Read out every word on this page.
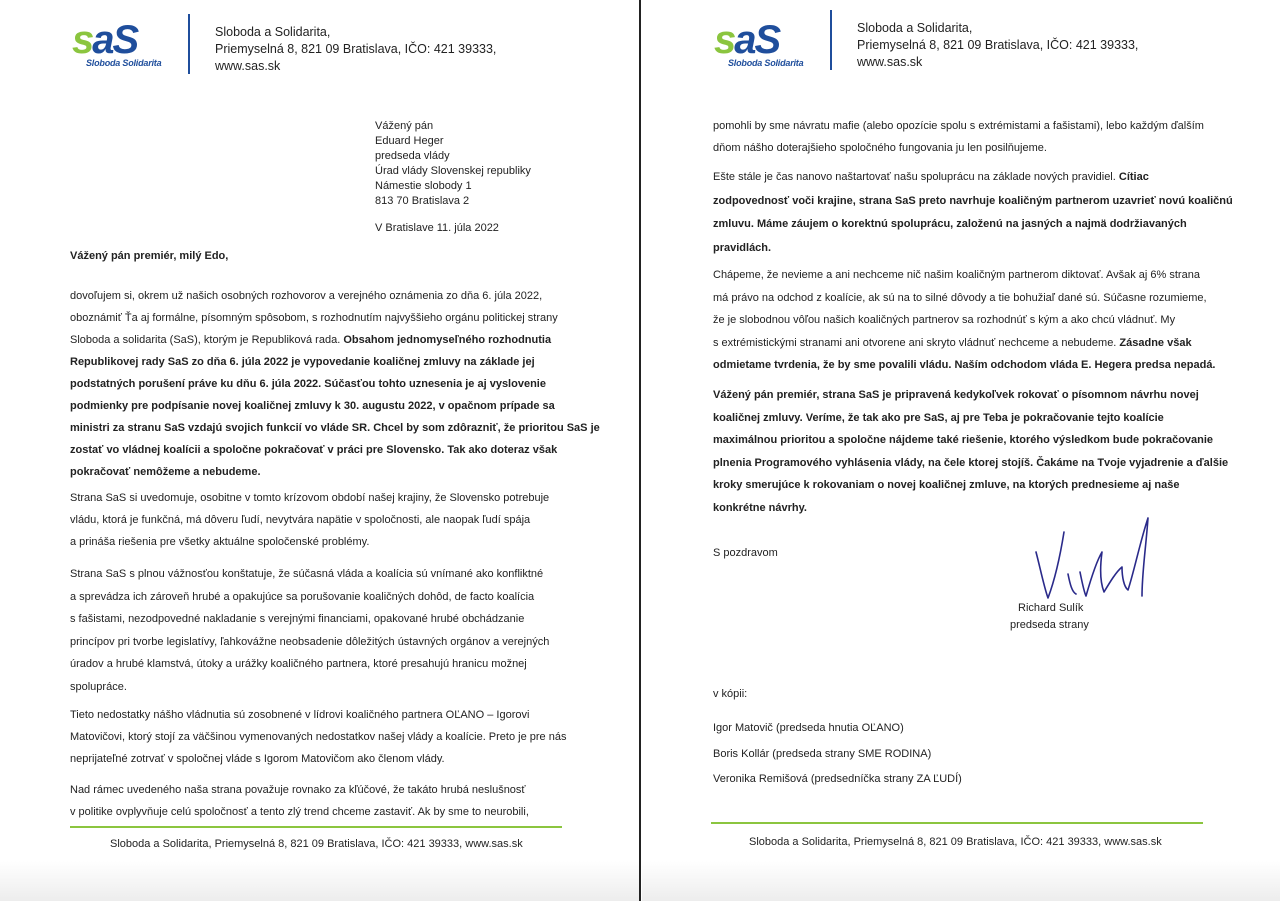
saS
Sloboda Solidarita
Sloboda a Solidarita,
Priemyselná 8, 821 09 Bratislava, IČO: 421 39333,
www.sas.sk
Vážený pán
Eduard Heger
predseda vlády
Úrad vlády Slovenskej republiky
Námestie slobody 1
813 70 Bratislava 2
V Bratislave 11. júla 2022
Vážený pán premiér, milý Edo,
dovoľujem si, okrem už našich osobných rozhovorov a verejného oznámenia zo dňa 6. júla 2022,
oboznámiť Ťa aj formálne, písomným spôsobom, s rozhodnutím najvyššieho orgánu politickej strany
Sloboda a solidarita (SaS), ktorým je Republiková rada. Obsahom jednomyseľného rozhodnutia
Republikovej rady SaS zo dňa 6. júla 2022 je vypovedanie koaličnej zmluvy na základe jej
podstatných porušení práve ku dňu 6. júla 2022. Súčasťou tohto uznesenia je aj vyslovenie
podmienky pre podpísanie novej koaličnej zmluvy k 30. augustu 2022, v opačnom prípade sa
ministri za stranu SaS vzdajú svojich funkcií vo vláde SR. Chcel by som zdôrazniť, že prioritou SaS je
zostať vo vládnej koalícii a spoločne pokračovať v práci pre Slovensko. Tak ako doteraz však
pokračovať nemôžeme a nebudeme.
Strana SaS si uvedomuje, osobitne v tomto krízovom období našej krajiny, že Slovensko potrebuje
vládu, ktorá je funkčná, má dôveru ľudí, nevytvára napätie v spoločnosti, ale naopak ľudí spája
a prináša riešenia pre všetky aktuálne spoločenské problémy.
Strana SaS s plnou vážnosťou konštatuje, že súčasná vláda a koalícia sú vnímané ako konfliktné
a sprevádza ich zároveň hrubé a opakujúce sa porušovanie koaličných dohôd, de facto koalícia
s fašistami, nezodpovedné nakladanie s verejnými financiami, opakované hrubé obchádzanie
princípov pri tvorbe legislatívy, ľahkovážne neobsadenie dôležitých ústavných orgánov a verejných
úradov a hrubé klamstvá, útoky a urážky koaličného partnera, ktoré presahujú hranicu možnej
spolupráce.
Tieto nedostatky nášho vládnutia sú zosobnené v lídrovi koaličného partnera OĽANO – Igorovi
Matovičovi, ktorý stojí za väčšinou vymenovaných nedostatkov našej vlády a koalície. Preto je pre nás
neprijateľné zotrvať v spoločnej vláde s Igorom Matovičom ako členom vlády.
Nad rámec uvedeného naša strana považuje rovnako za kľúčové, že takáto hrubá neslušnosť
v politike ovplyvňuje celú spoločnosť a tento zlý trend chceme zastaviť. Ak by sme to neurobili,
Sloboda a Solidarita, Priemyselná 8, 821 09 Bratislava, IČO: 421 39333, www.sas.sk
saS
Sloboda Solidarita
Sloboda a Solidarita,
Priemyselná 8, 821 09 Bratislava, IČO: 421 39333,
www.sas.sk
pomohli by sme návratu mafie (alebo opozície spolu s extrémistami a fašistami), lebo každým ďalším
dňom nášho doterajšieho spoločného fungovania ju len posilňujeme.
Ešte stále je čas nanovo naštartovať našu spoluprácu na základe nových pravidiel. Cítiac
zodpovednosť voči krajine, strana SaS preto navrhuje koaličným partnerom uzavrieť novú koaličnú
zmluvu. Máme záujem o korektnú spoluprácu, založenú na jasných a najmä dodržiavaných
pravidlách.
Chápeme, že nevieme a ani nechceme nič našim koaličným partnerom diktovať. Avšak aj 6% strana
má právo na odchod z koalície, ak sú na to silné dôvody a tie bohužiaľ dané sú. Súčasne rozumieme,
že je slobodnou vôľou našich koaličných partnerov sa rozhodnúť s kým a ako chcú vládnuť. My
s extrémistickými stranami ani otvorene ani skryto vládnuť nechceme a nebudeme. Zásadne však
odmietame tvrdenia, že by sme povalili vládu. Naším odchodom vláda E. Hegera predsa nepadá.
Vážený pán premiér, strana SaS je pripravená kedykoľvek rokovať o písomnom návrhu novej
koaličnej zmluvy. Veríme, že tak ako pre SaS, aj pre Teba je pokračovanie tejto koalície
maximálnou prioritou a spoločne nájdeme také riešenie, ktorého výsledkom bude pokračovanie
plnenia Programového vyhlásenia vlády, na čele ktorej stojíš. Čakáme na Tvoje vyjadrenie a ďalšie
kroky smerujúce k rokovaniam o novej koaličnej zmluve, na ktorých prednesieme aj naše
konkrétne návrhy.
S pozdravom
Richard Sulík
predseda strany
v kópii:
Igor Matovič (predseda hnutia OĽANO)
Boris Kollár (predseda strany SME RODINA)
Veronika Remišová (predsedníčka strany ZA ĽUDÍ)
Sloboda a Solidarita, Priemyselná 8, 821 09 Bratislava, IČO: 421 39333, www.sas.sk
